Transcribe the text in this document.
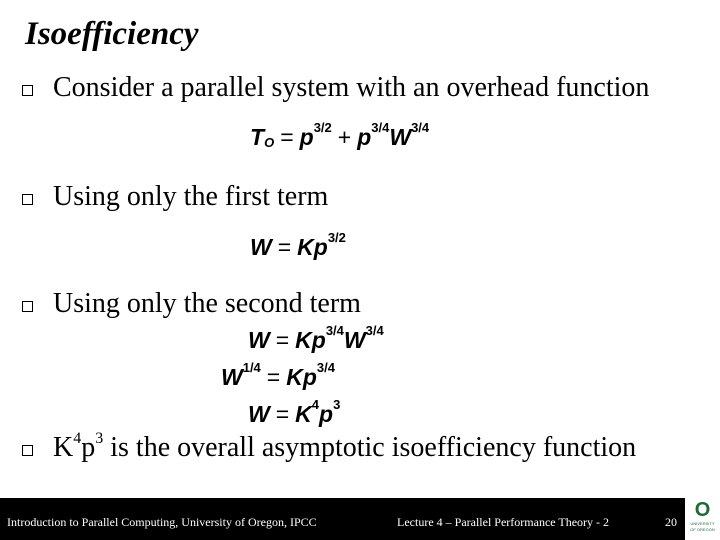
Isoefficiency
Consider a parallel system with an overhead function
$T_O = p^{3/2} + p^{3/4}W^{3/4}$
Using only the first term
$W = Kp^{3/2}$
Using only the second term
$W = Kp^{3/4}W^{3/4}$
$W^{1/4} = Kp^{3/4}$
$W = K^4p^3$
$K^4p^3$ is the overall asymptotic isoefficiency function
Introduction to Parallel Computing, University of Oregon, IPCC	Lecture 4 – Parallel Performance Theory - 2	20
O
UNIVERSITY
OF OREGON
